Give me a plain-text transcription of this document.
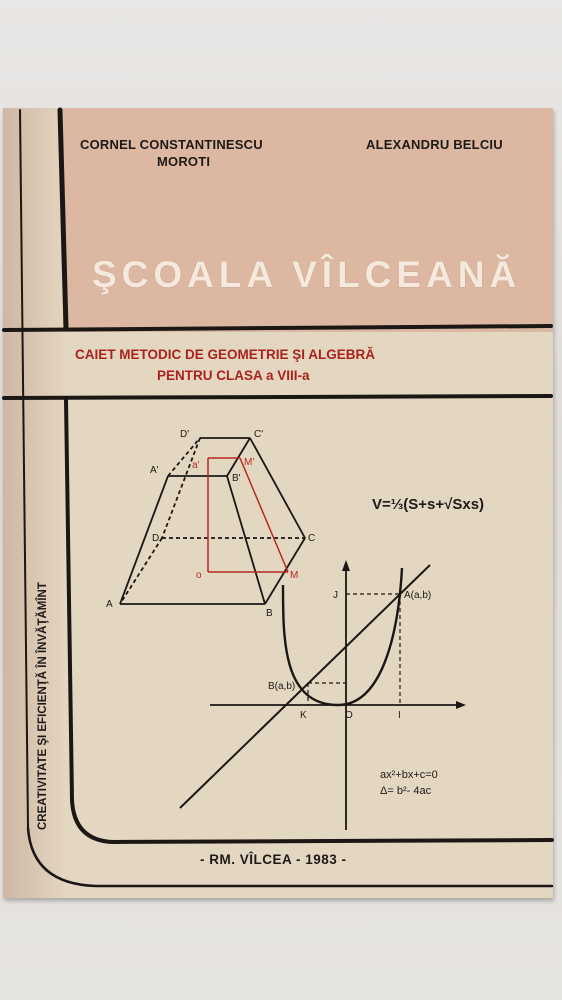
D'	C'
A'
B'
a'	M'
D	C
A
B
o	M
V=⅓(S+s+√Sxs)
J	A(a,b)
B(a,b)
K	O	I
ax²+bx+c=0
Δ= b²- 4ac
CORNEL CONSTANTINESCU
MOROTI
ALEXANDRU BELCIU
ŞCOALA VÎLCEANĂ
CAIET METODIC DE GEOMETRIE ŞI ALGEBRĂ
PENTRU CLASA a VIII-a
CREATIVITATE ŞI EFICIENŢĂ ÎN ÎNVĂŢĂMÎNT
- RM. VÎLCEA - 1983 -
